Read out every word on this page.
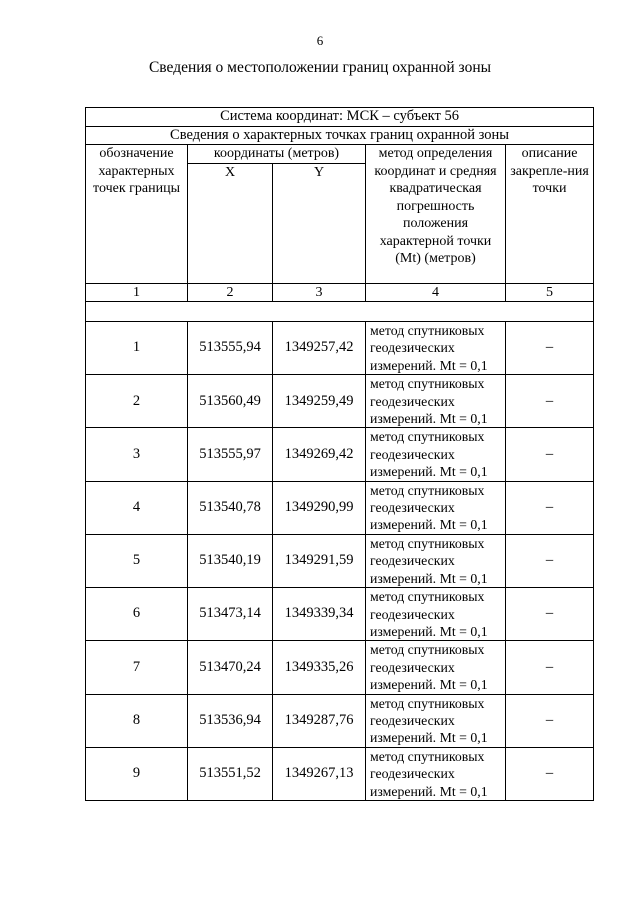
6
Сведения о местоположении границ охранной зоны
Система координат: МСК – субъект 56				
Сведения о характерных точках границ охранной зоны				
обозначение характерных точек границы	координаты (метров)		метод определения координат и средняя квадратическая погрешность положения характерной точки (Mt) (метров)	описание закрепле-ния точки
	X	Y		
1	2	3	4	5

1	513555,94	1349257,42	метод спутниковых геодезических измерений. Mt = 0,1	–
2	513560,49	1349259,49	метод спутниковых геодезических измерений. Mt = 0,1	–
3	513555,97	1349269,42	метод спутниковых геодезических измерений. Mt = 0,1	–
4	513540,78	1349290,99	метод спутниковых геодезических измерений. Mt = 0,1	–
5	513540,19	1349291,59	метод спутниковых геодезических измерений. Mt = 0,1	–
6	513473,14	1349339,34	метод спутниковых геодезических измерений. Mt = 0,1	–
7	513470,24	1349335,26	метод спутниковых геодезических измерений. Mt = 0,1	–
8	513536,94	1349287,76	метод спутниковых геодезических измерений. Mt = 0,1	–
9	513551,52	1349267,13	метод спутниковых геодезических измерений. Mt = 0,1	–
